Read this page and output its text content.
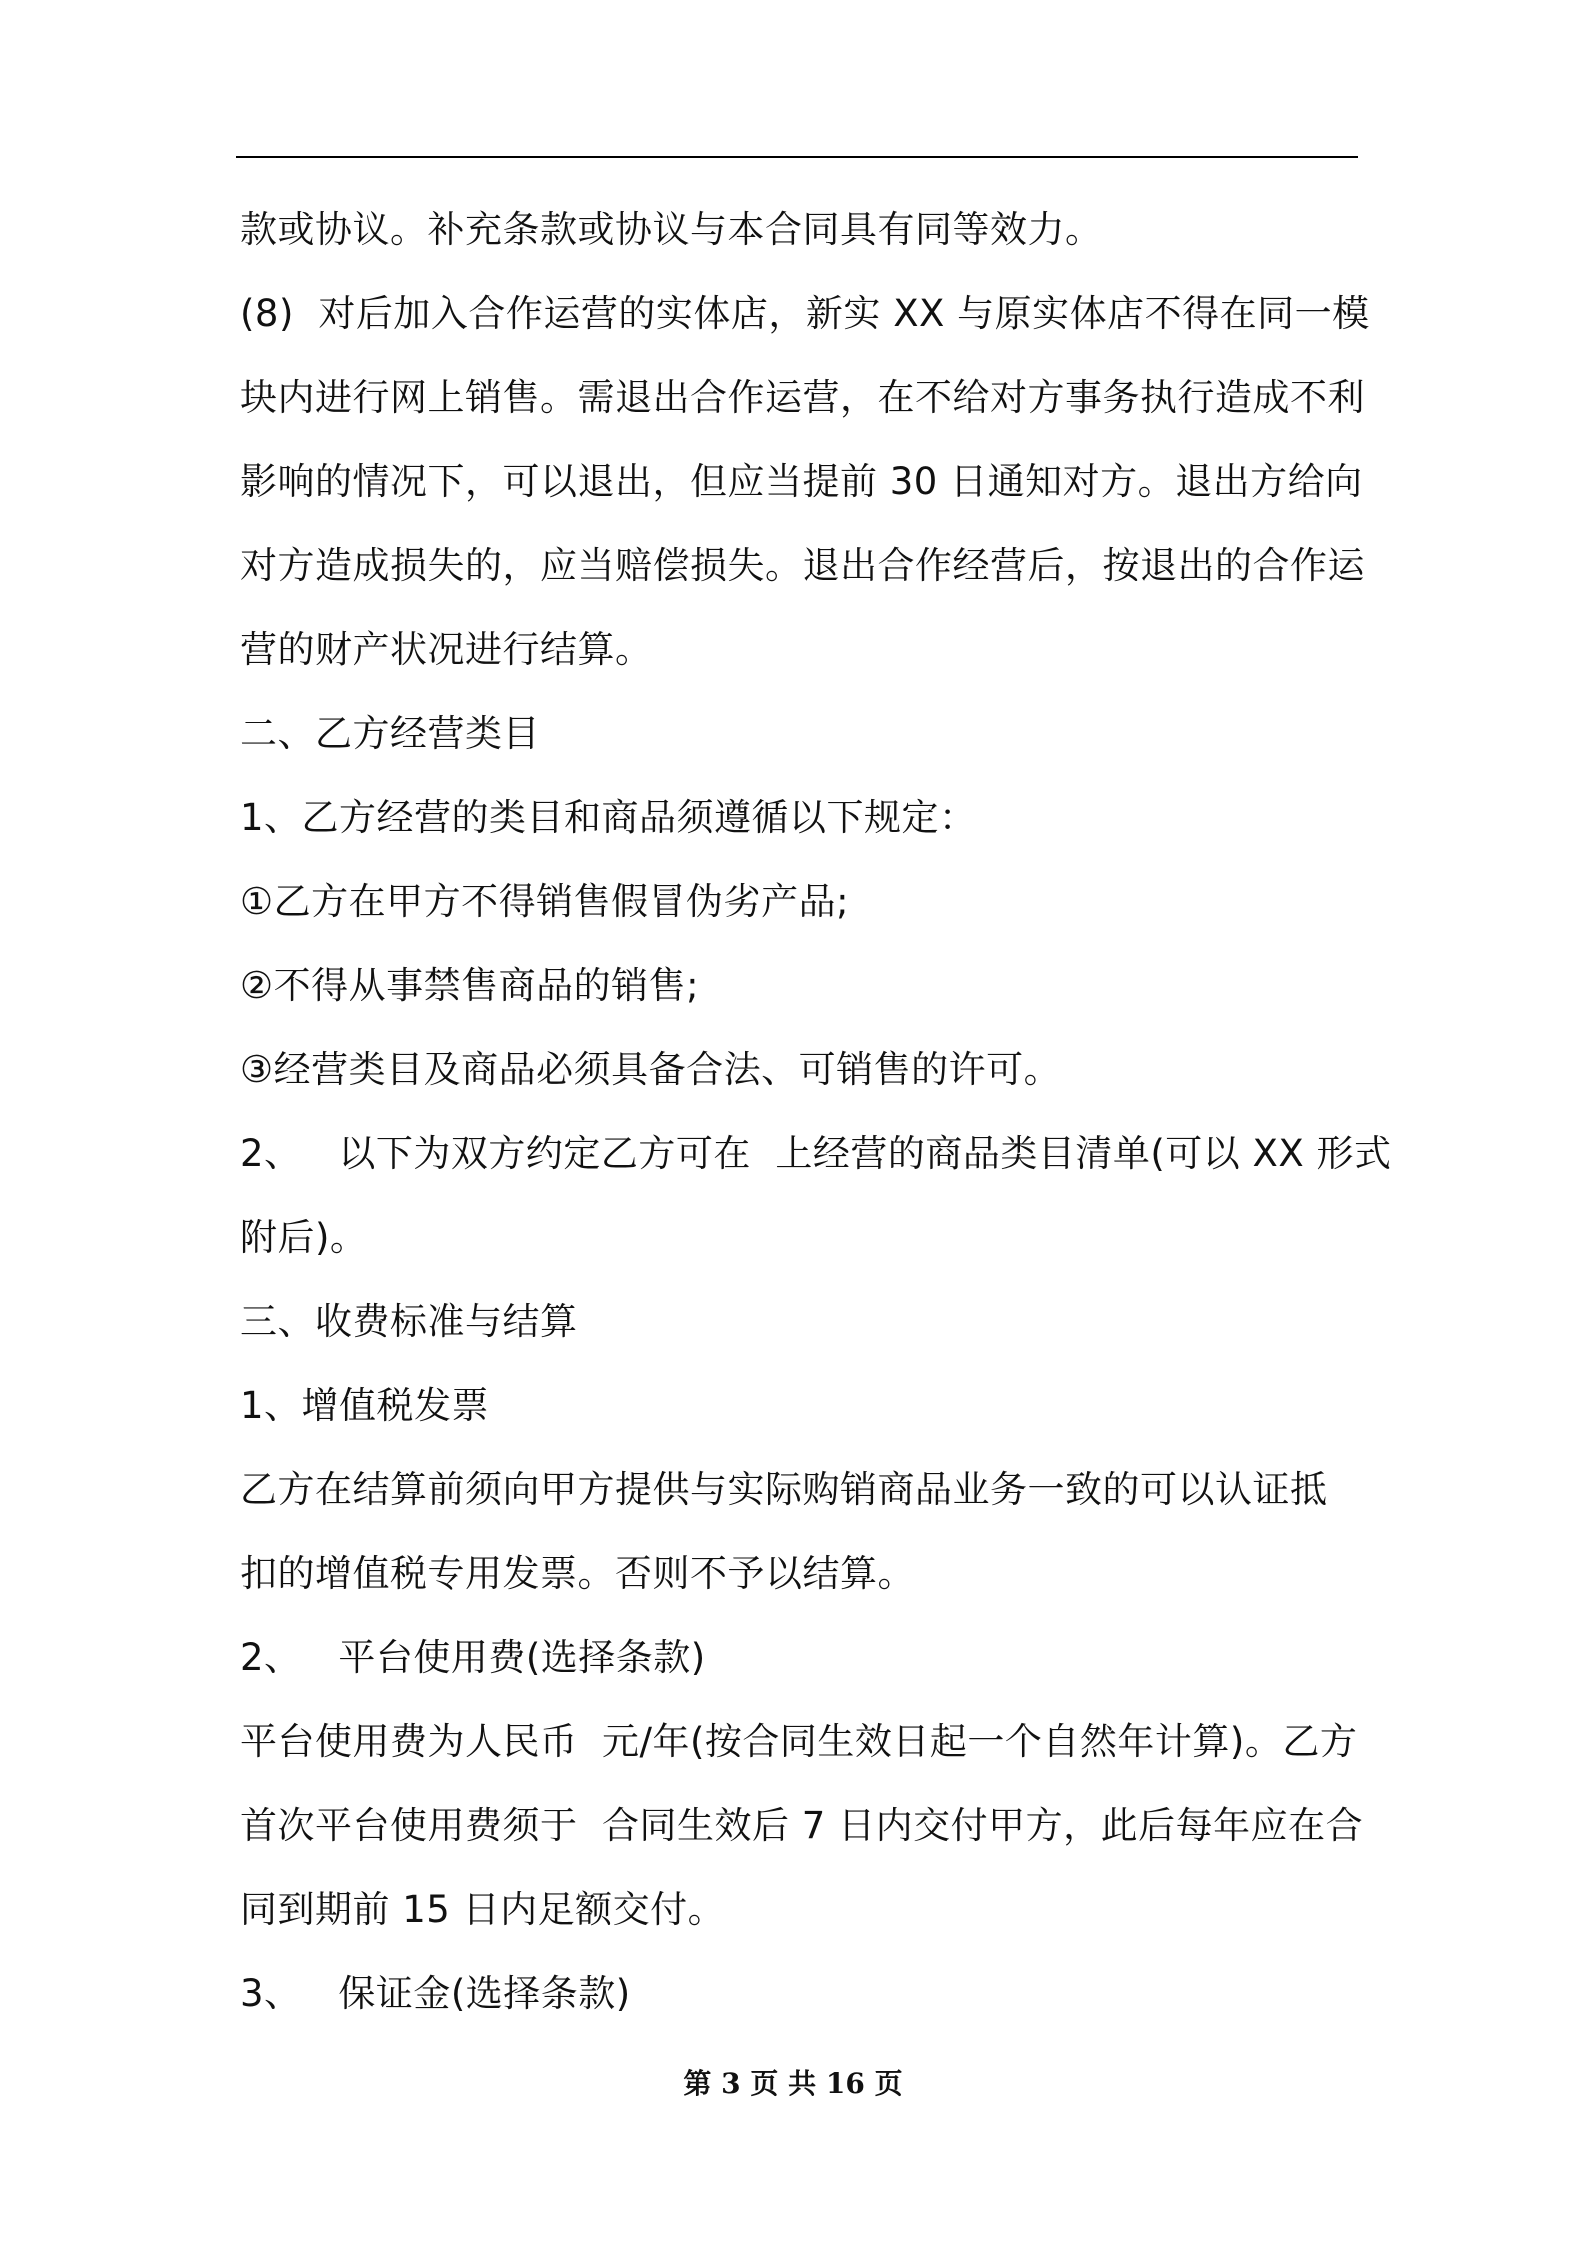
款或协议。补充条款或协议与本合同具有同等效力。

(8)  对后加入合作运营的实体店，新实 XX 与原实体店不得在同一模

块内进行网上销售。需退出合作运营，在不给对方事务执行造成不利

影响的情况下，可以退出，但应当提前 30 日通知对方。退出方给向

对方造成损失的，应当赔偿损失。退出合作经营后，按退出的合作运

营的财产状况进行结算。

二、乙方经营类目

1、乙方经营的类目和商品须遵循以下规定：

①乙方在甲方不得销售假冒伪劣产品;

②不得从事禁售商品的销售;

③经营类目及商品必须具备合法、可销售的许可。

2、   以下为双方约定乙方可在  上经营的商品类目清单(可以 XX 形式

附后)。

三、收费标准与结算

1、增值税发票

乙方在结算前须向甲方提供与实际购销商品业务一致的可以认证抵

扣的增值税专用发票。否则不予以结算。

2、   平台使用费(选择条款)

平台使用费为人民币  元/年(按合同生效日起一个自然年计算)。乙方

首次平台使用费须于  合同生效后 7 日内交付甲方，此后每年应在合

同到期前 15 日内足额交付。

3、   保证金(选择条款)

第 3 页 共 16 页
